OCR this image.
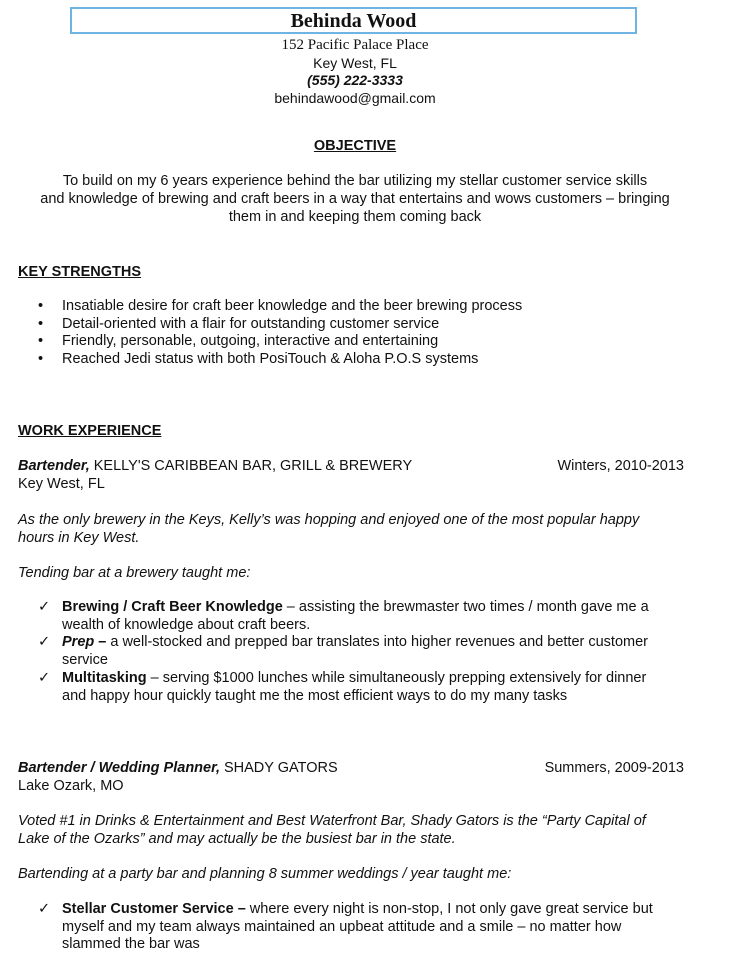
Behinda Wood
152 Pacific Palace Place
Key West, FL
(555) 222-3333
behindawood@gmail.com
OBJECTIVE
To build on my 6 years experience behind the bar utilizing my stellar customer service skills
and knowledge of brewing and craft beers in a way that entertains and wows customers – bringing
them in and keeping them coming back
KEY STRENGTHS
• Insatiable desire for craft beer knowledge and the beer brewing process
• Detail-oriented with a flair for outstanding customer service
• Friendly, personable, outgoing, interactive and entertaining
• Reached Jedi status with both PosiTouch & Aloha P.O.S systems
WORK EXPERIENCE
Bartender, KELLY'S CARIBBEAN BAR, GRILL & BREWERY	Winters, 2010-2013
Key West, FL
As the only brewery in the Keys, Kelly’s was hopping and enjoyed one of the most popular happy
hours in Key West.
Tending bar at a brewery taught me:
✓ Brewing / Craft Beer Knowledge – assisting the brewmaster two times / month gave me a
wealth of knowledge about craft beers.
✓ Prep – a well-stocked and prepped bar translates into higher revenues and better customer
service
✓ Multitasking – serving $1000 lunches while simultaneously prepping extensively for dinner
and happy hour quickly taught me the most efficient ways to do my many tasks
Bartender / Wedding Planner, SHADY GATORS	Summers, 2009-2013
Lake Ozark, MO
Voted #1 in Drinks & Entertainment and Best Waterfront Bar, Shady Gators is the “Party Capital of
Lake of the Ozarks” and may actually be the busiest bar in the state.
Bartending at a party bar and planning 8 summer weddings / year taught me:
✓ Stellar Customer Service – where every night is non-stop, I not only gave great service but
myself and my team always maintained an upbeat attitude and a smile – no matter how
slammed the bar was
